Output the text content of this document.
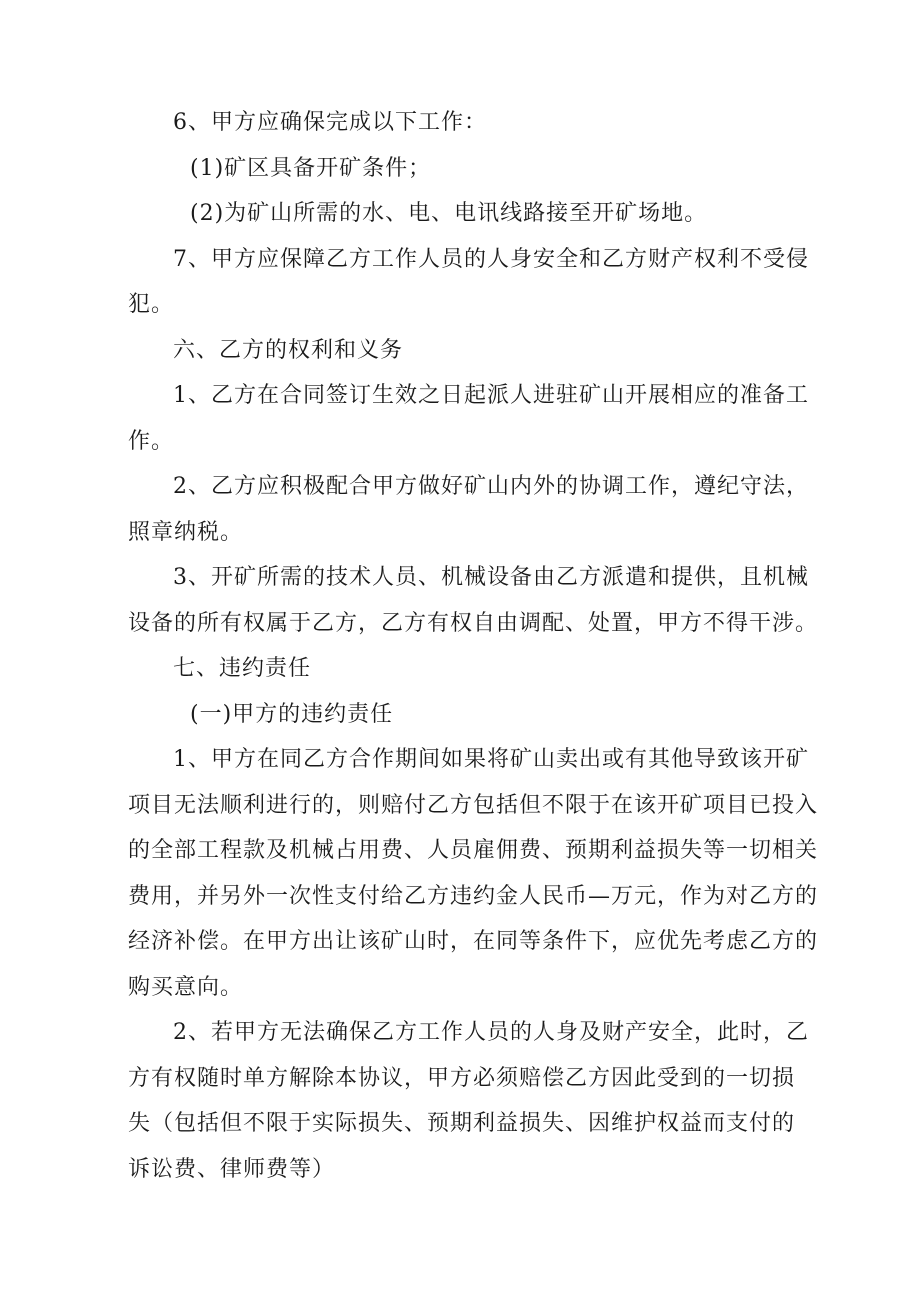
6、甲方应确保完成以下工作：
(1)矿区具备开矿条件；
(2)为矿山所需的水、电、电讯线路接至开矿场地。
7、甲方应保障乙方工作人员的人身安全和乙方财产权利不受侵
犯。
六、乙方的权利和义务
1、乙方在合同签订生效之日起派人进驻矿山开展相应的准备工
作。
2、乙方应积极配合甲方做好矿山内外的协调工作，遵纪守法，
照章纳税。
3、开矿所需的技术人员、机械设备由乙方派遣和提供，且机械
设备的所有权属于乙方，乙方有权自由调配、处置，甲方不得干涉。
七、违约责任
(一)甲方的违约责任
1、甲方在同乙方合作期间如果将矿山卖出或有其他导致该开矿
项目无法顺利进行的，则赔付乙方包括但不限于在该开矿项目已投入
的全部工程款及机械占用费、人员雇佣费、预期利益损失等一切相关
费用，并另外一次性支付给乙方违约金人民币—万元，作为对乙方的
经济补偿。在甲方出让该矿山时，在同等条件下，应优先考虑乙方的
购买意向。
2、若甲方无法确保乙方工作人员的人身及财产安全，此时，乙
方有权随时单方解除本协议，甲方必须赔偿乙方因此受到的一切损
失（包括但不限于实际损失、预期利益损失、因维护权益而支付的
诉讼费、律师费等）
